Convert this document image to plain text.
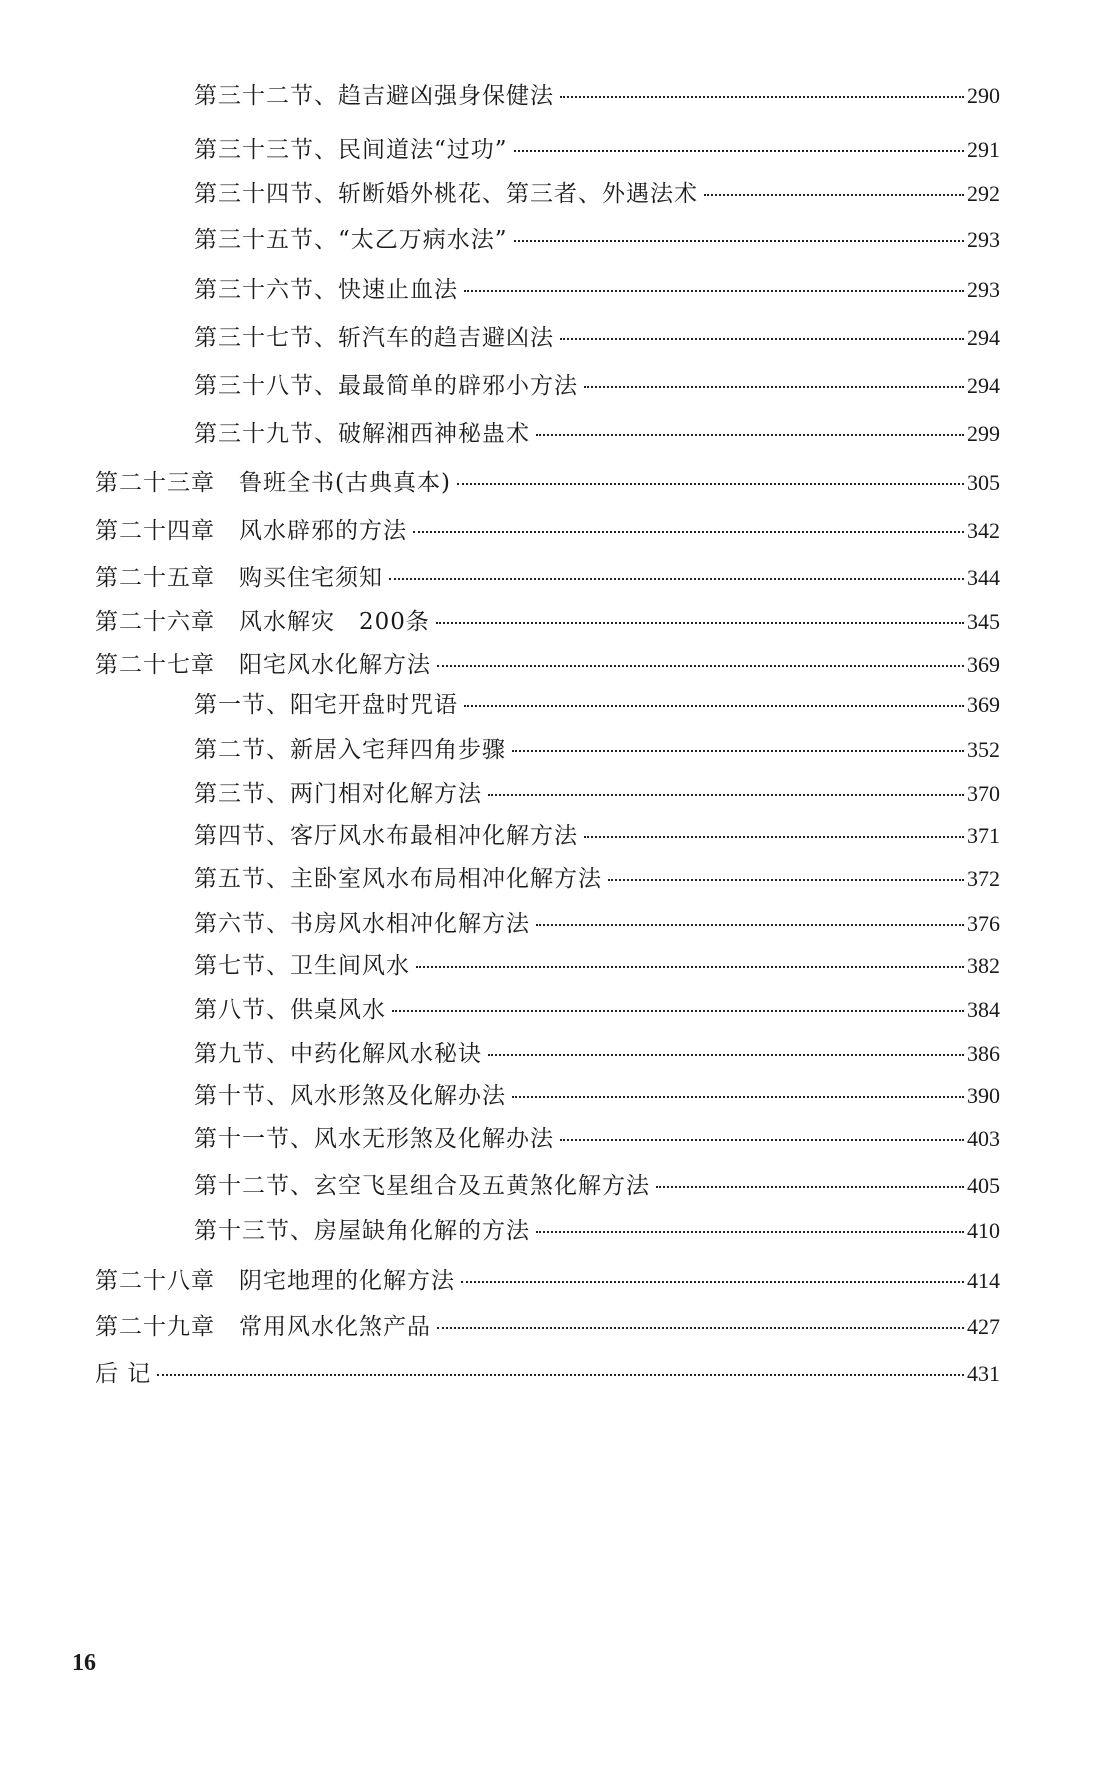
第三十二节、趋吉避凶强身保健法	290
第三十三节、民间道法“过功”	291
第三十四节、斩断婚外桃花、第三者、外遇法术	292
第三十五节、“太乙万病水法”	293
第三十六节、快速止血法	293
第三十七节、斩汽车的趋吉避凶法	294
第三十八节、最最简单的辟邪小方法	294
第三十九节、破解湘西神秘蛊术	299
第二十三章　鲁班全书(古典真本)	305
第二十四章　风水辟邪的方法	342
第二十五章　购买住宅须知	344
第二十六章　风水解灾　200条	345
第二十七章　阳宅风水化解方法	369
第一节、阳宅开盘时咒语	369
第二节、新居入宅拜四角步骤	352
第三节、两门相对化解方法	370
第四节、客厅风水布最相冲化解方法	371
第五节、主卧室风水布局相冲化解方法	372
第六节、书房风水相冲化解方法	376
第七节、卫生间风水	382
第八节、供桌风水	384
第九节、中药化解风水秘诀	386
第十节、风水形煞及化解办法	390
第十一节、风水无形煞及化解办法	403
第十二节、玄空飞星组合及五黄煞化解方法	405
第十三节、房屋缺角化解的方法	410
第二十八章　阴宅地理的化解方法	414
第二十九章　常用风水化煞产品	427
后 记	431
16
